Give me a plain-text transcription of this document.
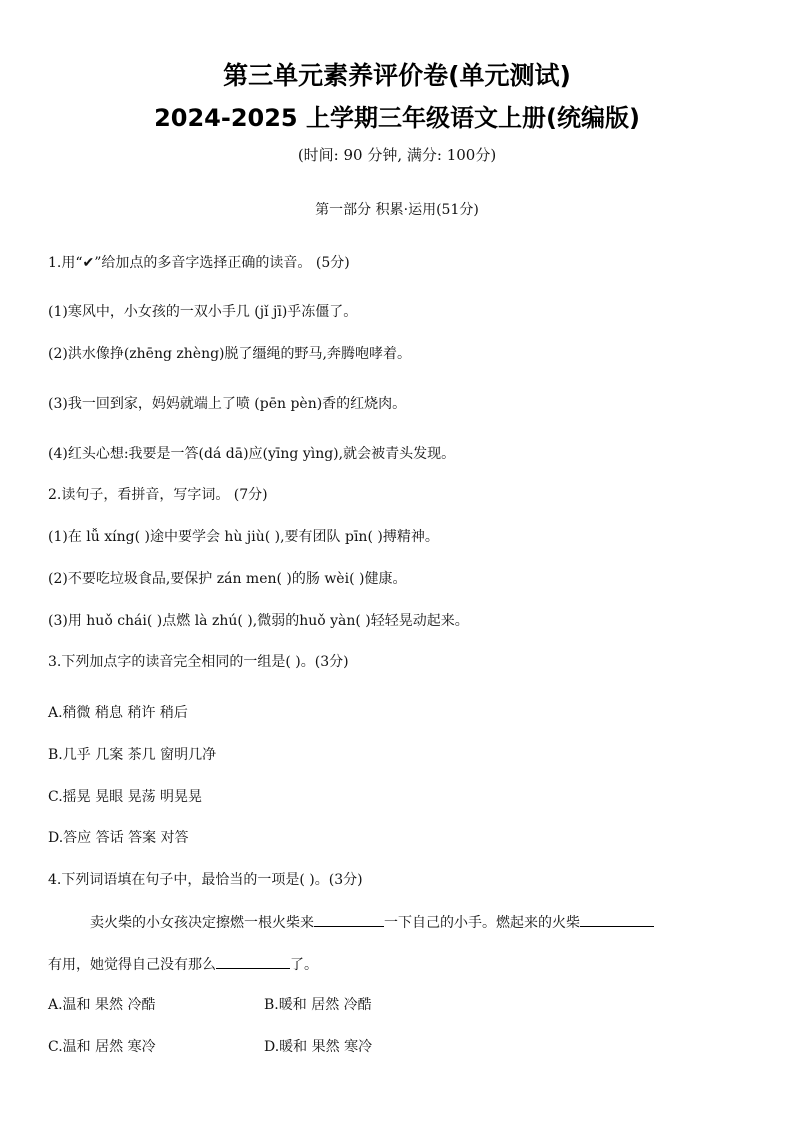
第三单元素养评价卷(单元测试)
2024-2025 上学期三年级语文上册(统编版)
(时间: 90 分钟, 满分: 100分)
第一部分 积累·运用(51分)
1.用“✔”给加点的多音字选择正确的读音。 (5分)
(1)寒风中，小女孩的一双小手几 (jǐ jī)乎冻僵了。
(2)洪水像挣(zhēng zhèng)脱了缰绳的野马,奔腾咆哮着。
(3)我一回到家，妈妈就端上了喷 (pēn pèn)香的红烧肉。
(4)红头心想:我要是一答(dá dā)应(yīng yìng),就会被青头发现。
2.读句子，看拼音，写字词。 (7分)
(1)在 lǚ xíng( )途中要学会 hù jiù( ),要有团队 pīn( )搏精神。
(2)不要吃垃圾食品,要保护 zán men( )的肠 wèi( )健康。
(3)用 huǒ chái( )点燃 là zhú( ),微弱的huǒ yàn( )轻轻晃动起来。
3.下列加点字的读音完全相同的一组是( )。(3分)
A.稍微 稍息 稍许 稍后
B.几乎 几案 茶几 窗明几净
C.摇晃 晃眼 晃荡 明晃晃
D.答应 答话 答案 对答
4.下列词语填在句子中，最恰当的一项是( )。(3分)
卖火柴的小女孩决定擦燃一根火柴来	一下自己的小手。燃起来的火柴
有用，她觉得自己没有那么	了。
A.温和 果然 冷酷	B.暖和 居然 冷酷
C.温和 居然 寒冷	D.暖和 果然 寒冷
